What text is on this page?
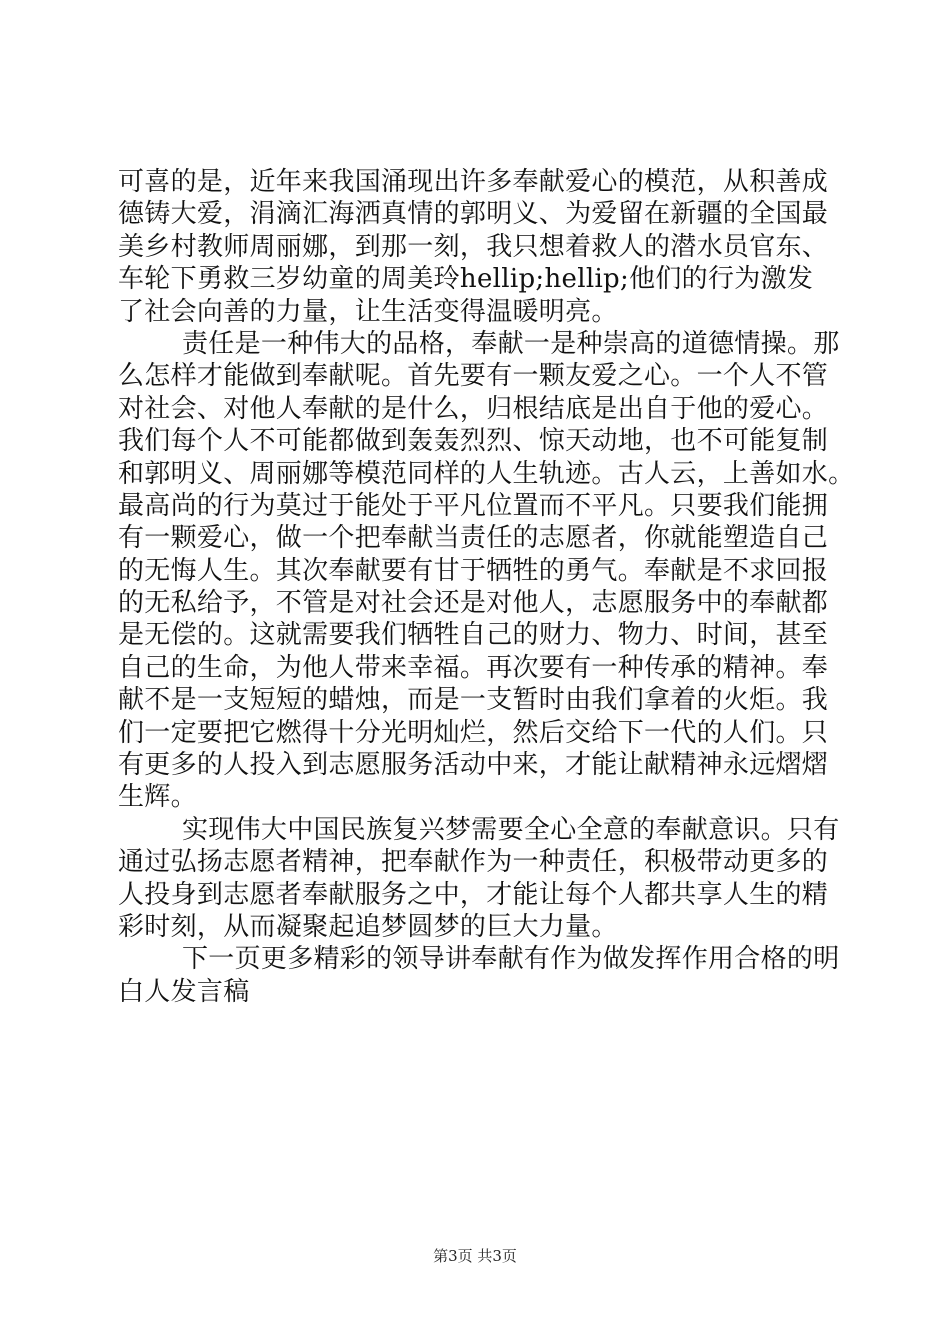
可喜的是，近年来我国涌现出许多奉献爱心的模范，从积善成
德铸大爱，涓滴汇海洒真情的郭明义、为爱留在新疆的全国最
美乡村教师周丽娜，到那一刻，我只想着救人的潜水员官东、
车轮下勇救三岁幼童的周美玲hellip;hellip;他们的行为激发
了社会向善的力量，让生活变得温暖明亮。
责任是一种伟大的品格，奉献一是种崇高的道德情操。那
么怎样才能做到奉献呢。首先要有一颗友爱之心。一个人不管
对社会、对他人奉献的是什么，归根结底是出自于他的爱心。
我们每个人不可能都做到轰轰烈烈、惊天动地，也不可能复制
和郭明义、周丽娜等模范同样的人生轨迹。古人云，上善如水。
最高尚的行为莫过于能处于平凡位置而不平凡。只要我们能拥
有一颗爱心，做一个把奉献当责任的志愿者，你就能塑造自己
的无悔人生。其次奉献要有甘于牺牲的勇气。奉献是不求回报
的无私给予，不管是对社会还是对他人，志愿服务中的奉献都
是无偿的。这就需要我们牺牲自己的财力、物力、时间，甚至
自己的生命，为他人带来幸福。再次要有一种传承的精神。奉
献不是一支短短的蜡烛，而是一支暂时由我们拿着的火炬。我
们一定要把它燃得十分光明灿烂，然后交给下一代的人们。只
有更多的人投入到志愿服务活动中来，才能让献精神永远熠熠
生辉。
实现伟大中国民族复兴梦需要全心全意的奉献意识。只有
通过弘扬志愿者精神，把奉献作为一种责任，积极带动更多的
人投身到志愿者奉献服务之中，才能让每个人都共享人生的精
彩时刻，从而凝聚起追梦圆梦的巨大力量。
下一页更多精彩的领导讲奉献有作为做发挥作用合格的明
白人发言稿
第3页 共3页
